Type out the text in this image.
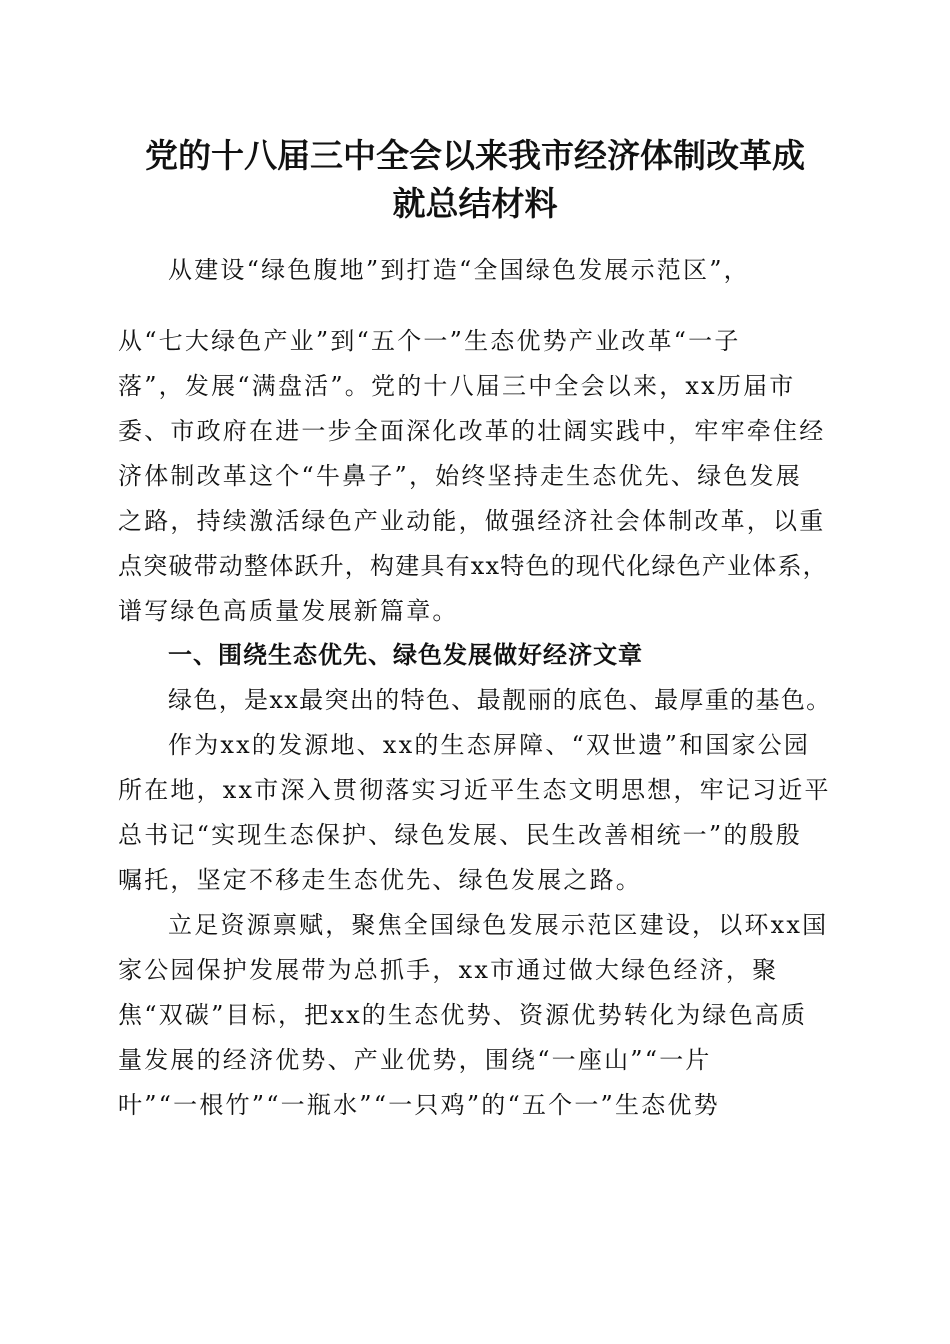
党的十八届三中全会以来我市经济体制改革成
就总结材料
从建设“绿色腹地”到打造“全国绿色发展示范区”，
从“七大绿色产业”到“五个一”生态优势产业改革“一子
落”，发展“满盘活”。党的十八届三中全会以来，xx历届市
委、市政府在进一步全面深化改革的壮阔实践中，牢牢牵住经
济体制改革这个“牛鼻子”，始终坚持走生态优先、绿色发展
之路，持续激活绿色产业动能，做强经济社会体制改革，以重
点突破带动整体跃升，构建具有xx特色的现代化绿色产业体系，
谱写绿色高质量发展新篇章。
一、围绕生态优先、绿色发展做好经济文章
绿色，是xx最突出的特色、最靓丽的底色、最厚重的基色。
作为xx的发源地、xx的生态屏障、“双世遗”和国家公园
所在地，xx市深入贯彻落实习近平生态文明思想，牢记习近平
总书记“实现生态保护、绿色发展、民生改善相统一”的殷殷
嘱托，坚定不移走生态优先、绿色发展之路。
立足资源禀赋，聚焦全国绿色发展示范区建设，以环xx国
家公园保护发展带为总抓手，xx市通过做大绿色经济，聚
焦“双碳”目标，把xx的生态优势、资源优势转化为绿色高质
量发展的经济优势、产业优势，围绕“一座山”“一片
叶”“一根竹”“一瓶水”“一只鸡”的“五个一”生态优势
